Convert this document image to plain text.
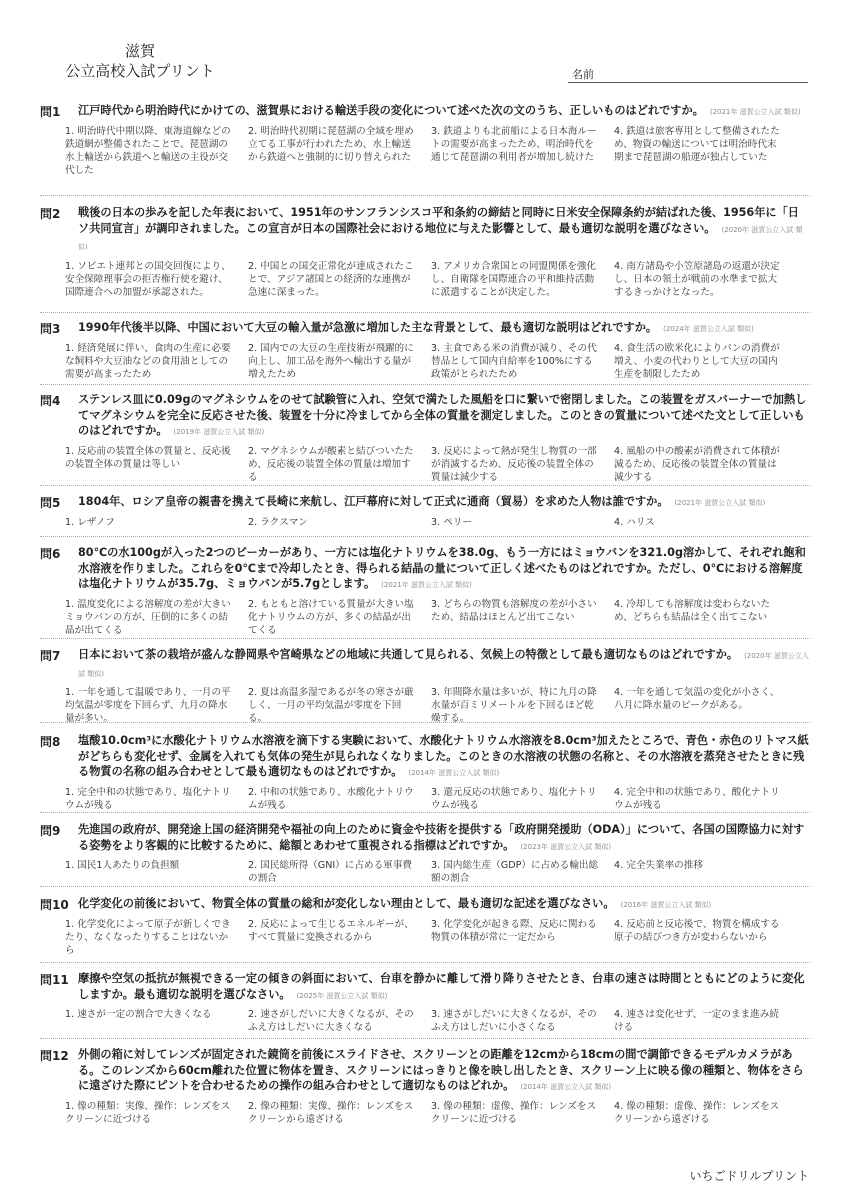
滋賀
公立高校入試プリント	名前
問1 江戸時代から明治時代にかけての、滋賀県における輸送手段の変化について述べた次の文のうち、正しいものはどれですか。 (2021年 滋賀公立入試 類似)
1. 明治時代中期以降、東海道線などの鉄道網が整備されたことで、琵琶湖の水上輸送から鉄道へと輸送の主役が交代した
2. 明治時代初期に琵琶湖の全域を埋め立てる工事が行われたため、水上輸送から鉄道へと強制的に切り替えられた
3. 鉄道よりも北前船による日本海ルートの需要が高まったため、明治時代を通じて琵琶湖の利用者が増加し続けた
4. 鉄道は旅客専用として整備されたため、物資の輸送については明治時代末期まで琵琶湖の船運が独占していた
問2 戦後の日本の歩みを記した年表において、1951年のサンフランシスコ平和条約の締結と同時に日米安全保障条約が結ばれた後、1956年に「日ソ共同宣言」が調印されました。この宣言が日本の国際社会における地位に与えた影響として、最も適切な説明を選びなさい。 (2020年 滋賀公立入試 類似)
1. ソビエト連邦との国交回復により、安全保障理事会の拒否権行使を避け、国際連合への加盟が承認された。
2. 中国との国交正常化が達成されたことで、アジア諸国との経済的な連携が急速に深まった。
3. アメリカ合衆国との同盟関係を強化し、自衛隊を国際連合の平和維持活動に派遣することが決定した。
4. 南方諸島や小笠原諸島の返還が決定し、日本の領土が戦前の水準まで拡大するきっかけとなった。
問3 1990年代後半以降、中国において大豆の輸入量が急激に増加した主な背景として、最も適切な説明はどれですか。 (2024年 滋賀公立入試 類似)
1. 経済発展に伴い、食肉の生産に必要な飼料や大豆油などの食用油としての需要が高まったため
2. 国内での大豆の生産技術が飛躍的に向上し、加工品を海外へ輸出する量が増えたため
3. 主食である米の消費が減り、その代替品として国内自給率を100%にする政策がとられたため
4. 食生活の欧米化によりパンの消費が増え、小麦の代わりとして大豆の国内生産を制限したため
問4 ステンレス皿に0.09gのマグネシウムをのせて試験管に入れ、空気で満たした風船を口に繋いで密閉しました。この装置をガスバーナーで加熱してマグネシウムを完全に反応させた後、装置を十分に冷ましてから全体の質量を測定しました。このときの質量について述べた文として正しいものはどれですか。 (2019年 滋賀公立入試 類似)
1. 反応前の装置全体の質量と、反応後の装置全体の質量は等しい
2. マグネシウムが酸素と結びついたため、反応後の装置全体の質量は増加する
3. 反応によって熱が発生し物質の一部が消滅するため、反応後の装置全体の質量は減少する
4. 風船の中の酸素が消費されて体積が減るため、反応後の装置全体の質量は減少する
問5 1804年、ロシア皇帝の親書を携えて長崎に来航し、江戸幕府に対して正式に通商（貿易）を求めた人物は誰ですか。 (2021年 滋賀公立入試 類似)
1. レザノフ	2. ラクスマン	3. ペリー	4. ハリス
問6 80℃の水100gが入った2つのビーカーがあり、一方には塩化ナトリウムを38.0g、もう一方にはミョウバンを321.0g溶かして、それぞれ飽和水溶液を作りました。これらを0℃まで冷却したとき、得られる結晶の量について正しく述べたものはどれですか。ただし、0℃における溶解度は塩化ナトリウムが35.7g、ミョウバンが5.7gとします。 (2021年 滋賀公立入試 類似)
1. 温度変化による溶解度の差が大きいミョウバンの方が、圧倒的に多くの結晶が出てくる
2. もともと溶けている質量が大きい塩化ナトリウムの方が、多くの結晶が出てくる
3. どちらの物質も溶解度の差が小さいため、結晶はほとんど出てこない
4. 冷却しても溶解度は変わらないため、どちらも結晶は全く出てこない
問7 日本において茶の栽培が盛んな静岡県や宮崎県などの地域に共通して見られる、気候上の特徴として最も適切なものはどれですか。 (2020年 滋賀公立入試 類似)
1. 一年を通して温暖であり、一月の平均気温が零度を下回らず、九月の降水量が多い。
2. 夏は高温多湿であるが冬の寒さが厳しく、一月の平均気温が零度を下回る。
3. 年間降水量は多いが、特に九月の降水量が百ミリメートルを下回るほど乾燥する。
4. 一年を通して気温の変化が小さく、八月に降水量のピークがある。
問8 塩酸10.0cm³に水酸化ナトリウム水溶液を滴下する実験において、水酸化ナトリウム水溶液を8.0cm³加えたところで、青色・赤色のリトマス紙がどちらも変化せず、金属を入れても気体の発生が見られなくなりました。このときの水溶液の状態の名称と、その水溶液を蒸発させたときに残る物質の名称の組み合わせとして最も適切なものはどれですか。 (2014年 滋賀公立入試 類似)
1. 完全中和の状態であり、塩化ナトリウムが残る
2. 中和の状態であり、水酸化ナトリウムが残る
3. 還元反応の状態であり、塩化ナトリウムが残る
4. 完全中和の状態であり、酸化ナトリウムが残る
問9 先進国の政府が、開発途上国の経済開発や福祉の向上のために資金や技術を提供する「政府開発援助（ODA）」について、各国の国際協力に対する姿勢をより客観的に比較するために、総額とあわせて重視される指標はどれですか。 (2023年 滋賀公立入試 類似)
1. 国民1人あたりの負担額	2. 国民総所得（GNI）に占める軍事費の割合
3. 国内総生産（GDP）に占める輸出総額の割合
4. 完全失業率の推移
問10 化学変化の前後において、物質全体の質量の総和が変化しない理由として、最も適切な記述を選びなさい。 (2016年 滋賀公立入試 類似)
1. 化学変化によって原子が新しくできたり、なくなったりすることはないから
2. 反応によって生じるエネルギーが、すべて質量に変換されるから
3. 化学変化が起きる際、反応に関わる物質の体積が常に一定だから
4. 反応前と反応後で、物質を構成する原子の結びつき方が変わらないから
問11 摩擦や空気の抵抗が無視できる一定の傾きの斜面において、台車を静かに離して滑り降りさせたとき、台車の速さは時間とともにどのように変化しますか。最も適切な説明を選びなさい。 (2025年 滋賀公立入試 類似)
1. 速さが一定の割合で大きくなる	2. 速さがしだいに大きくなるが、そのふえ方はしだいに大きくなる
3. 速さがしだいに大きくなるが、そのふえ方はしだいに小さくなる
4. 速さは変化せず、一定のまま進み続ける
問12 外側の箱に対してレンズが固定された鏡筒を前後にスライドさせ、スクリーンとの距離を12cmから18cmの間で調節できるモデルカメラがある。このレンズから60cm離れた位置に物体を置き、スクリーンにはっきりと像を映し出したとき、スクリーン上に映る像の種類と、物体をさらに遠ざけた際にピントを合わせるための操作の組み合わせとして適切なものはどれか。 (2014年 滋賀公立入試 類似)
1. 像の種類：実像、操作：レンズをスクリーンに近づける
2. 像の種類：実像、操作：レンズをスクリーンから遠ざける
3. 像の種類：虚像、操作：レンズをスクリーンに近づける
4. 像の種類：虚像、操作：レンズをスクリーンから遠ざける
いちごドリルプリント
